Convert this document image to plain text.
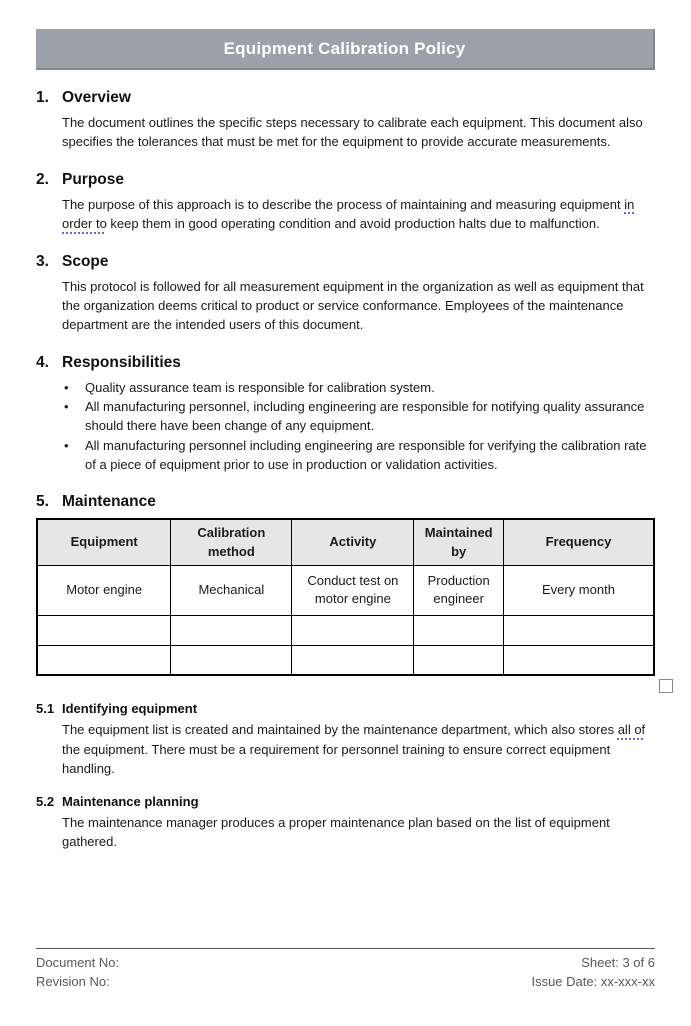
Equipment Calibration Policy
1. Overview

The document outlines the specific steps necessary to calibrate each equipment. This document also specifies the tolerances that must be met for the equipment to provide accurate measurements.

2. Purpose

The purpose of this approach is to describe the process of maintaining and measuring equipment in order to keep them in good operating condition and avoid production halts due to malfunction.

3. Scope

This protocol is followed for all measurement equipment in the organization as well as equipment that the organization deems critical to product or service conformance. Employees of the maintenance department are the intended users of this document.

4. Responsibilities
• Quality assurance team is responsible for calibration system.
• All manufacturing personnel, including engineering are responsible for notifying quality assurance should there have been change of any equipment.
• All manufacturing personnel including engineering are responsible for verifying the calibration rate of a piece of equipment prior to use in production or validation activities.
5. Maintenance
Equipment	Calibration method	Activity	Maintained by	Frequency
Motor engine	Mechanical	Conduct test on motor engine	Production engineer	Every month

5.1 Identifying equipment

The equipment list is created and maintained by the maintenance department, which also stores all of the equipment. There must be a requirement for personnel training to ensure correct equipment handling.

5.2 Maintenance planning

The maintenance manager produces a proper maintenance plan based on the list of equipment gathered.

Document No:
Revision No:
Sheet: 3 of 6
Issue Date: xx-xxx-xx
